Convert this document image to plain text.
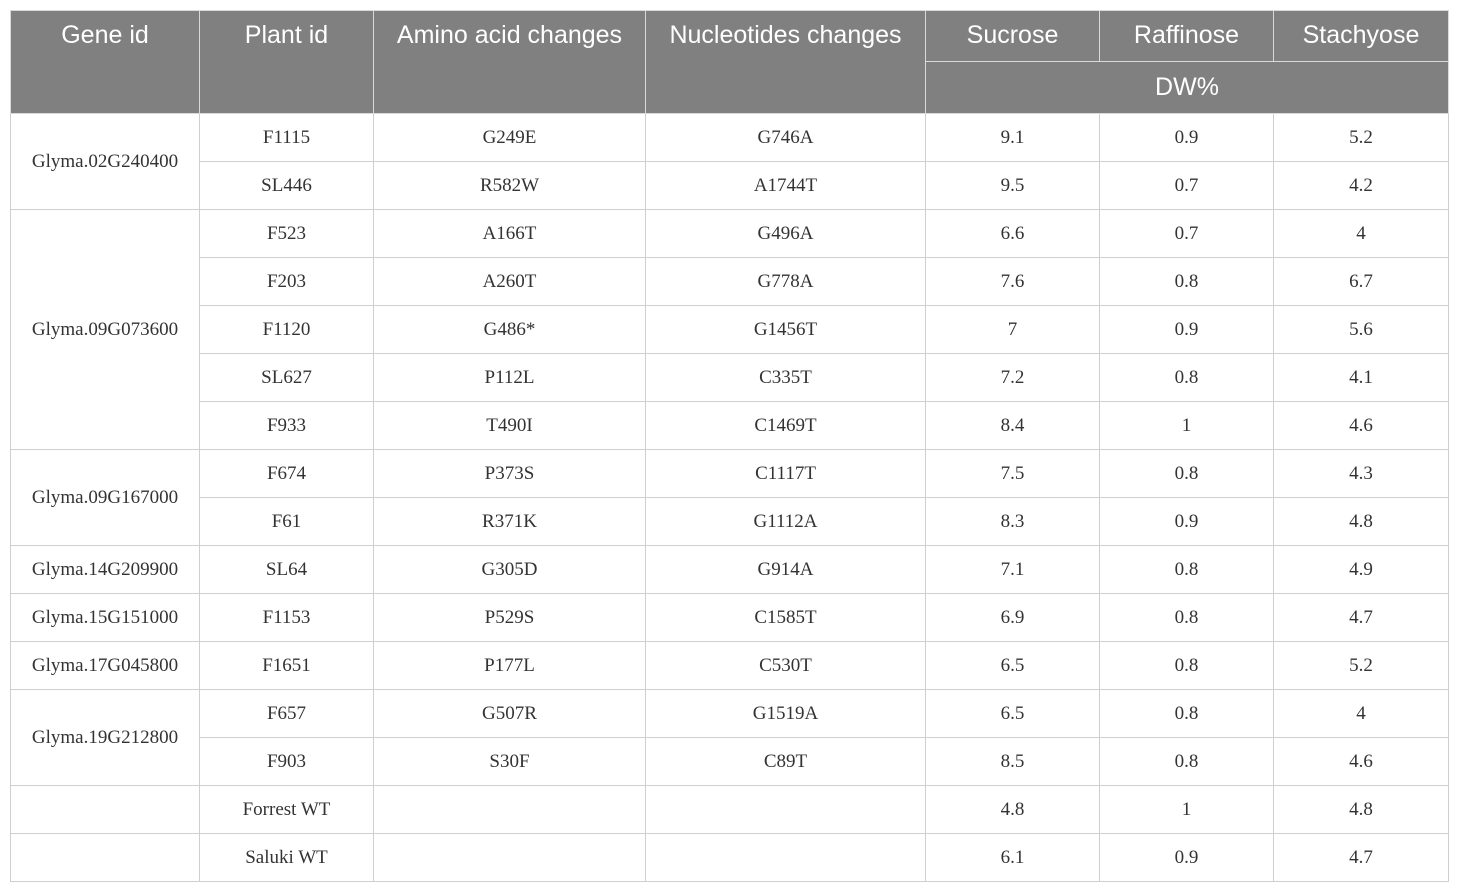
Gene id	Plant id	Amino acid changes	Nucleotides changes	Sucrose	Raffinose	Stachyose
				DW%		
Glyma.02G240400	F1115	G249E	G746A	9.1	0.9	5.2
	SL446	R582W	A1744T	9.5	0.7	4.2
Glyma.09G073600	F523	A166T	G496A	6.6	0.7	4
	F203	A260T	G778A	7.6	0.8	6.7
	F1120	G486*	G1456T	7	0.9	5.6
	SL627	P112L	C335T	7.2	0.8	4.1
	F933	T490I	C1469T	8.4	1	4.6
Glyma.09G167000	F674	P373S	C1117T	7.5	0.8	4.3
	F61	R371K	G1112A	8.3	0.9	4.8
Glyma.14G209900	SL64	G305D	G914A	7.1	0.8	4.9
Glyma.15G151000	F1153	P529S	C1585T	6.9	0.8	4.7
Glyma.17G045800	F1651	P177L	C530T	6.5	0.8	5.2
Glyma.19G212800	F657	G507R	G1519A	6.5	0.8	4
	F903	S30F	C89T	8.5	0.8	4.6
	Forrest WT			4.8	1	4.8
	Saluki WT			6.1	0.9	4.7
